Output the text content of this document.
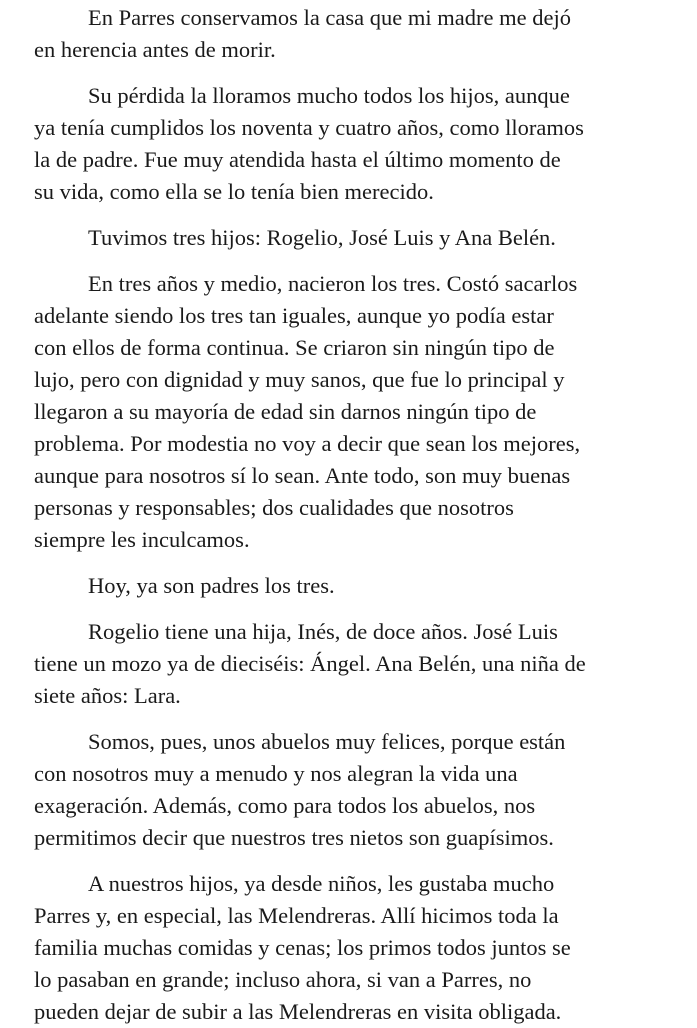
En Parres conservamos la casa que mi madre me dejó
en herencia antes de morir.

Su pérdida la lloramos mucho todos los hijos, aunque
ya tenía cumplidos los noventa y cuatro años, como lloramos
la de padre. Fue muy atendida hasta el último momento de
su vida, como ella se lo tenía bien merecido.

Tuvimos tres hijos: Rogelio, José Luis y Ana Belén.

En tres años y medio, nacieron los tres. Costó sacarlos
adelante siendo los tres tan iguales, aunque yo podía estar
con ellos de forma continua. Se criaron sin ningún tipo de
lujo, pero con dignidad y muy sanos, que fue lo principal y
llegaron a su mayoría de edad sin darnos ningún tipo de
problema. Por modestia no voy a decir que sean los mejores,
aunque para nosotros sí lo sean. Ante todo, son muy buenas
personas y responsables; dos cualidades que nosotros
siempre les inculcamos.

Hoy, ya son padres los tres.

Rogelio tiene una hija, Inés, de doce años. José Luis
tiene un mozo ya de dieciséis: Ángel. Ana Belén, una niña de
siete años: Lara.

Somos, pues, unos abuelos muy felices, porque están
con nosotros muy a menudo y nos alegran la vida una
exageración. Además, como para todos los abuelos, nos
permitimos decir que nuestros tres nietos son guapísimos.

A nuestros hijos, ya desde niños, les gustaba mucho
Parres y, en especial, las Melendreras. Allí hicimos toda la
familia muchas comidas y cenas; los primos todos juntos se
lo pasaban en grande; incluso ahora, si van a Parres, no
pueden dejar de subir a las Melendreras en visita obligada.
